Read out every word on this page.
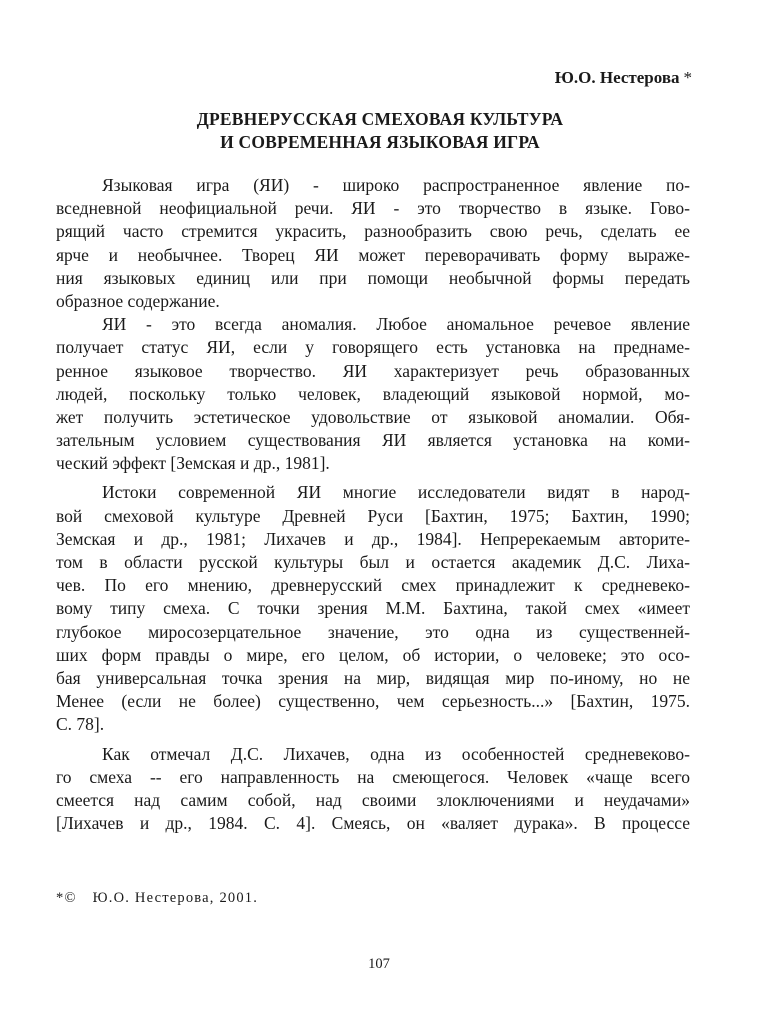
Ю.О. Нестерова *
ДРЕВНЕРУССКАЯ СМЕХОВАЯ КУЛЬТУРА
И СОВРЕМЕННАЯ ЯЗЫКОВАЯ ИГРА
Языковая игра (ЯИ) - широко распространенное явление по-
вседневной неофициальной речи. ЯИ - это творчество в языке. Гово-
рящий часто стремится украсить, разнообразить свою речь, сделать ее
ярче и необычнее. Творец ЯИ может переворачивать форму выраже-
ния языковых единиц или при помощи необычной формы передать
образное содержание.
ЯИ - это всегда аномалия. Любое аномальное речевое явление
получает статус ЯИ, если у говорящего есть установка на преднаме-
ренное языковое творчество. ЯИ характеризует речь образованных
людей, поскольку только человек, владеющий языковой нормой, мо-
жет получить эстетическое удовольствие от языковой аномалии. Обя-
зательным условием существования ЯИ является установка на коми-
ческий эффект [Земская и др., 1981].
Истоки современной ЯИ многие исследователи видят в народ-
вой смеховой культуре Древней Руси [Бахтин, 1975; Бахтин, 1990;
Земская и др., 1981; Лихачев и др., 1984]. Непререкаемым авторите-
том в области русской культуры был и остается академик Д.С. Лиха-
чев. По его мнению, древнерусский смех принадлежит к средневеко-
вому типу смеха. С точки зрения М.М. Бахтина, такой смех «имеет
глубокое миросозерцательное значение, это одна из существенней-
ших форм правды о мире, его целом, об истории, о человеке; это осо-
бая универсальная точка зрения на мир, видящая мир по-иному, но не
Менее (если не более) существенно, чем серьезность...» [Бахтин, 1975.
С. 78].
Как отмечал Д.С. Лихачев, одна из особенностей средневеково-
го смеха -- его направленность на смеющегося. Человек «чаще всего
смеется над самим собой, над своими злоключениями и неудачами»
[Лихачев и др., 1984. С. 4]. Смеясь, он «валяет дурака». В процессе
*© Ю.О. Нестерова, 2001.
107
